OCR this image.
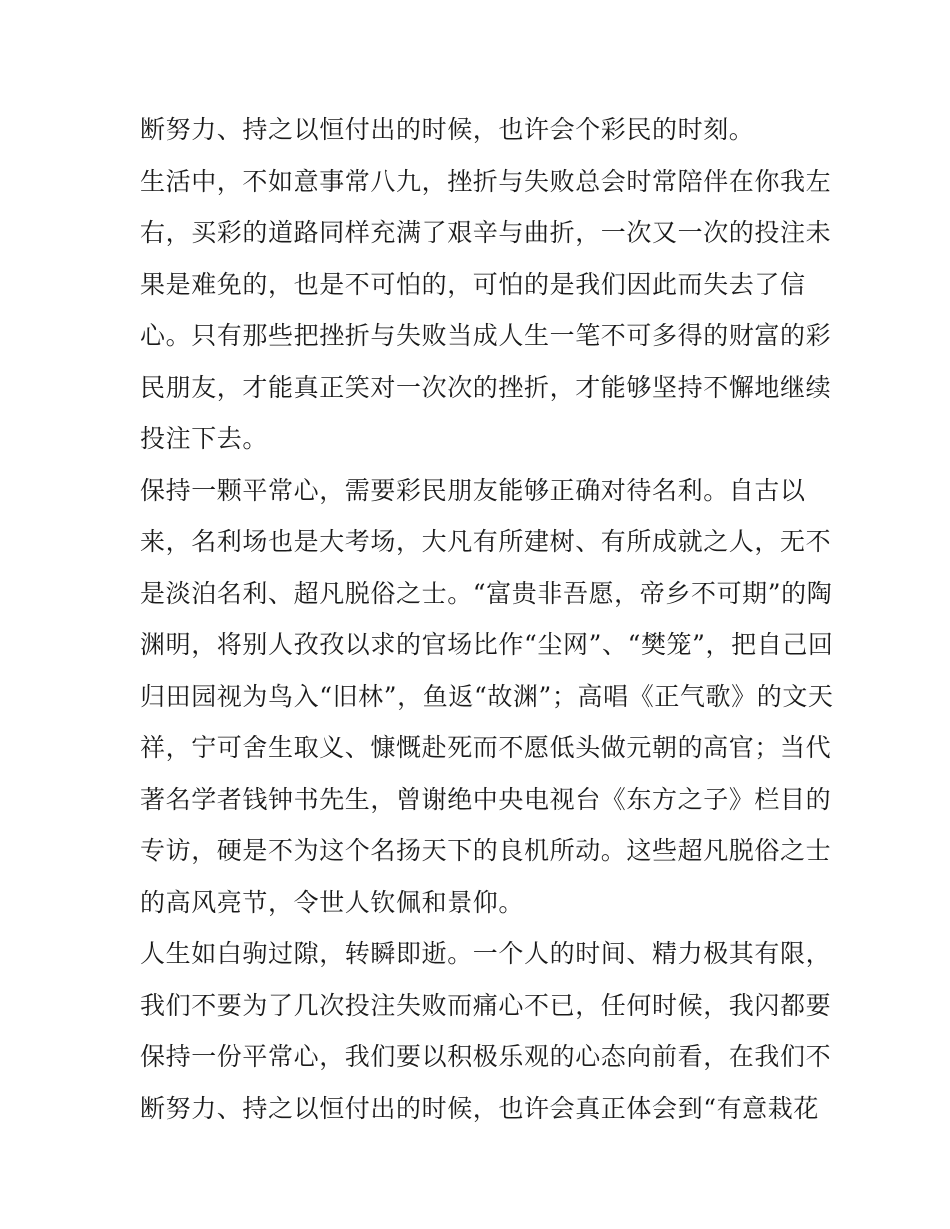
断努力、持之以恒付出的时候，也许会个彩民的时刻。
生活中，不如意事常八九，挫折与失败总会时常陪伴在你我左
右，买彩的道路同样充满了艰辛与曲折，一次又一次的投注未
果是难免的，也是不可怕的，可怕的是我们因此而失去了信
心。只有那些把挫折与失败当成人生一笔不可多得的财富的彩
民朋友，才能真正笑对一次次的挫折，才能够坚持不懈地继续
投注下去。
保持一颗平常心，需要彩民朋友能够正确对待名利。自古以
来，名利场也是大考场，大凡有所建树、有所成就之人，无不
是淡泊名利、超凡脱俗之士。“富贵非吾愿，帝乡不可期”的陶
渊明，将别人孜孜以求的官场比作“尘网”、“樊笼”，把自己回
归田园视为鸟入“旧林”，鱼返“故渊”；高唱《正气歌》的文天
祥，宁可舍生取义、慷慨赴死而不愿低头做元朝的高官；当代
著名学者钱钟书先生，曾谢绝中央电视台《东方之子》栏目的
专访，硬是不为这个名扬天下的良机所动。这些超凡脱俗之士
的高风亮节，令世人钦佩和景仰。
人生如白驹过隙，转瞬即逝。一个人的时间、精力极其有限，
我们不要为了几次投注失败而痛心不已，任何时候，我闪都要
保持一份平常心，我们要以积极乐观的心态向前看，在我们不
断努力、持之以恒付出的时候，也许会真正体会到“有意栽花
